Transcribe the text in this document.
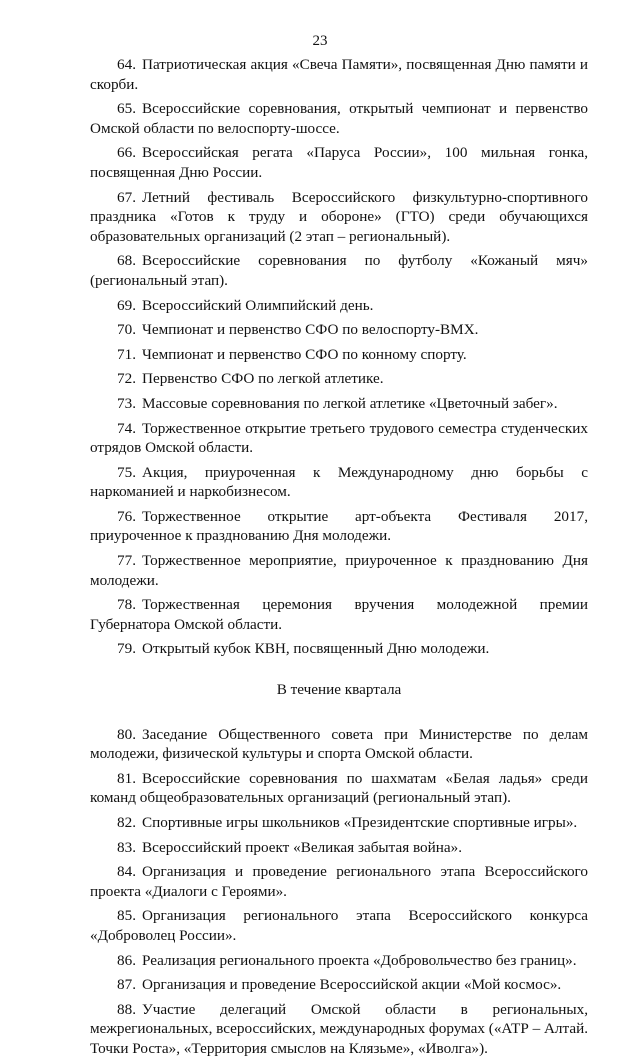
23

64. Патриотическая акция «Свеча Памяти», посвященная Дню памяти и скорби.

65. Всероссийские соревнования, открытый чемпионат и первенство Омской области по велоспорту-шоссе.

66. Всероссийская регата «Паруса России», 100 мильная гонка, посвященная Дню России.

67. Летний фестиваль Всероссийского физкультурно-спортивного праздника «Готов к труду и обороне» (ГТО) среди обучающихся образовательных организаций (2 этап – региональный).

68. Всероссийские соревнования по футболу «Кожаный мяч» (региональный этап).

69. Всероссийский Олимпийский день.

70. Чемпионат и первенство СФО по велоспорту-ВМХ.

71. Чемпионат и первенство СФО по конному спорту.

72. Первенство СФО по легкой атлетике.

73. Массовые соревнования по легкой атлетике «Цветочный забег».

74. Торжественное открытие третьего трудового семестра студенческих отрядов Омской области.

75. Акция, приуроченная к Международному дню борьбы с наркоманией и наркобизнесом.

76. Торжественное открытие арт-объекта Фестиваля 2017, приуроченное к празднованию Дня молодежи.

77. Торжественное мероприятие, приуроченное к празднованию Дня молодежи.

78. Торжественная церемония вручения молодежной премии Губернатора Омской области.

79. Открытый кубок КВН, посвященный Дню молодежи.

В течение квартала

80. Заседание Общественного совета при Министерстве по делам молодежи, физической культуры и спорта Омской области.

81. Всероссийские соревнования по шахматам «Белая ладья» среди команд общеобразовательных организаций (региональный этап).

82. Спортивные игры школьников «Президентские спортивные игры».

83. Всероссийский проект «Великая забытая война».

84. Организация и проведение регионального этапа Всероссийского проекта «Диалоги с Героями».

85. Организация регионального этапа Всероссийского конкурса «Доброволец России».

86. Реализация регионального проекта «Добровольчество без границ».

87. Организация и проведение Всероссийской акции «Мой космос».

88. Участие делегаций Омской области в региональных, межрегиональных, всероссийских, международных форумах («АТР – Алтай. Точки Роста», «Территория смыслов на Клязьме», «Иволга»).
